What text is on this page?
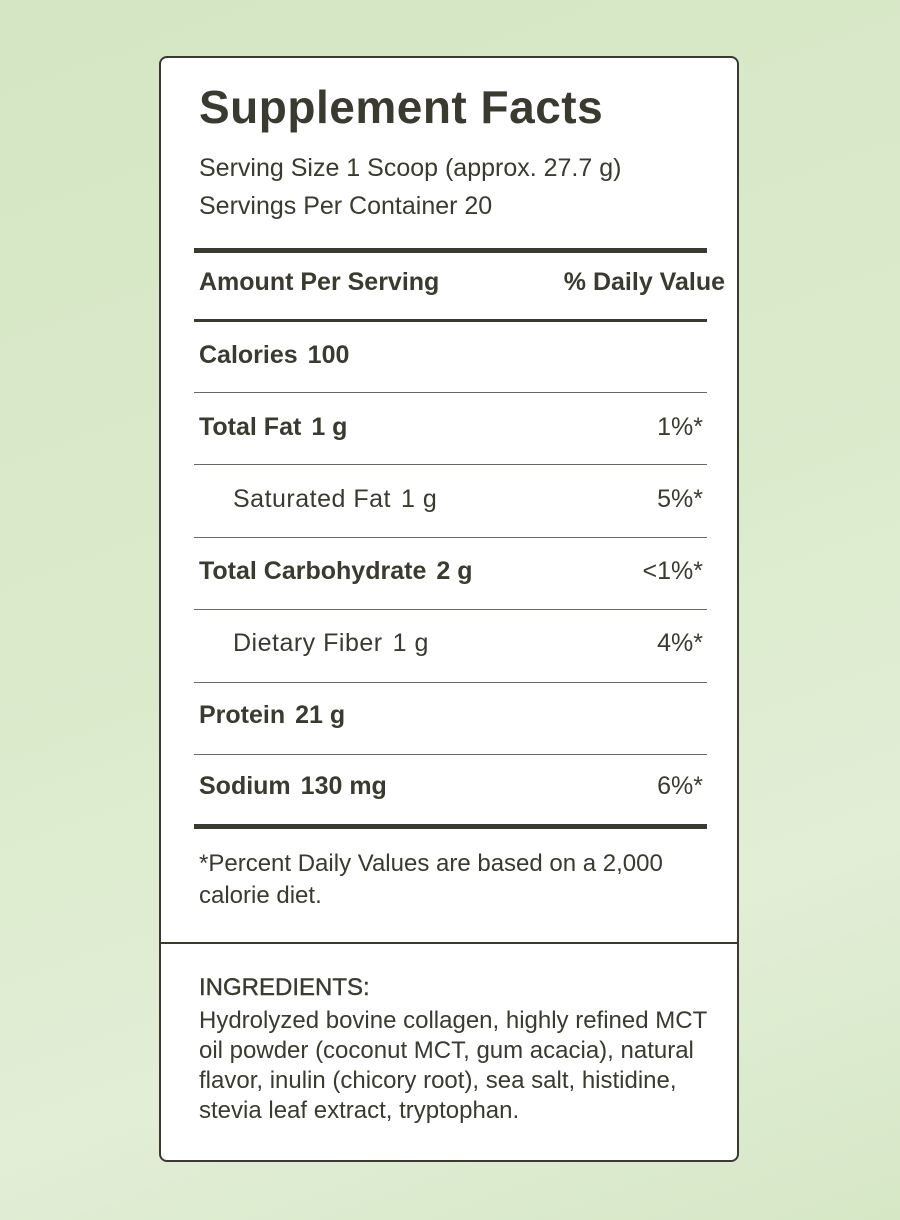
Supplement Facts
Serving Size 1 Scoop (approx. 27.7 g)
Servings Per Container 20
Amount Per Serving	% Daily Value
Calories 100
Total Fat 1 g	1%*
Saturated Fat 1 g	5%*
Total Carbohydrate 2 g	<1%*
Dietary Fiber 1 g	4%*
Protein 21 g
Sodium 130 mg	6%*
*Percent Daily Values are based on a 2,000 calorie diet.
INGREDIENTS:
Hydrolyzed bovine collagen, highly refined MCT oil powder (coconut MCT, gum acacia), natural flavor, inulin (chicory root), sea salt, histidine, stevia leaf extract, tryptophan.
